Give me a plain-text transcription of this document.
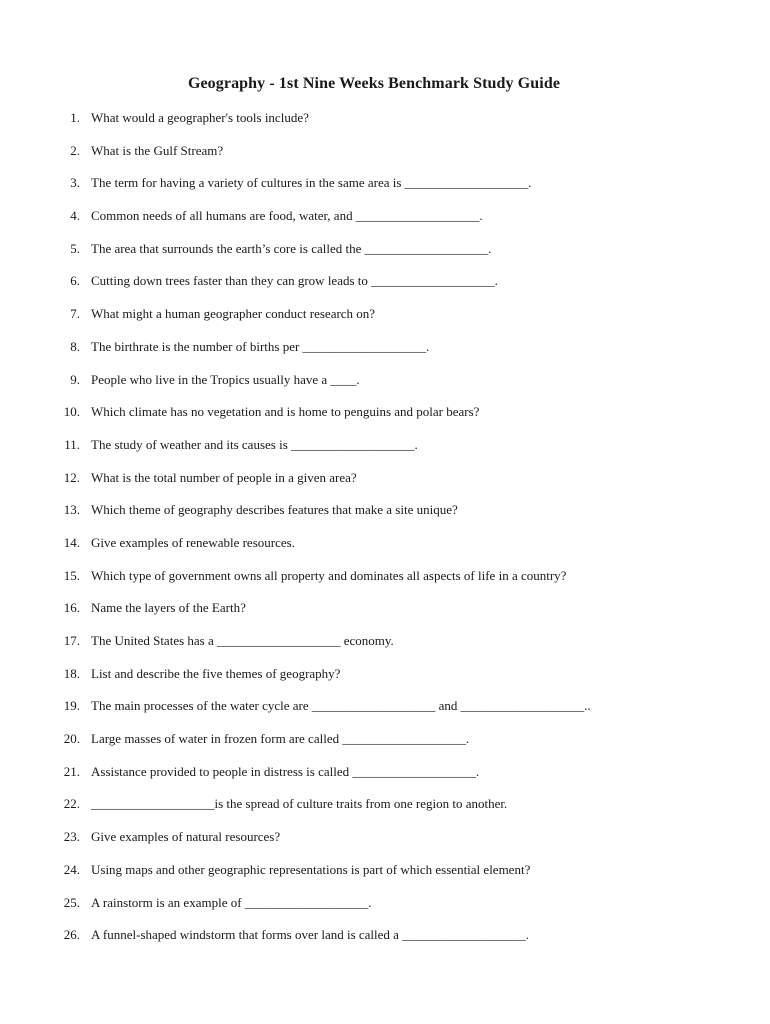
Geography - 1st Nine Weeks Benchmark Study Guide
1. What would a geographer's tools include?
2. What is the Gulf Stream?
3. The term for having a variety of cultures in the same area is ___________________.
4. Common needs of all humans are food, water, and ___________________.
5. The area that surrounds the earth’s core is called the ___________________.
6. Cutting down trees faster than they can grow leads to ___________________.
7. What might a human geographer conduct research on?
8. The birthrate is the number of births per ___________________.
9. People who live in the Tropics usually have a ____.
10. Which climate has no vegetation and is home to penguins and polar bears?
11. The study of weather and its causes is ___________________.
12. What is the total number of people in a given area?
13. Which theme of geography describes features that make a site unique?
14. Give examples of renewable resources.
15. Which type of government owns all property and dominates all aspects of life in a country?
16. Name the layers of the Earth?
17. The United States has a ___________________ economy.
18. List and describe the five themes of geography?
19. The main processes of the water cycle are ___________________ and ___________________..
20. Large masses of water in frozen form are called ___________________.
21. Assistance provided to people in distress is called ___________________.
22. ___________________is the spread of culture traits from one region to another.
23. Give examples of natural resources?
24. Using maps and other geographic representations is part of which essential element?
25. A rainstorm is an example of ___________________.
26. A funnel-shaped windstorm that forms over land is called a ___________________.
